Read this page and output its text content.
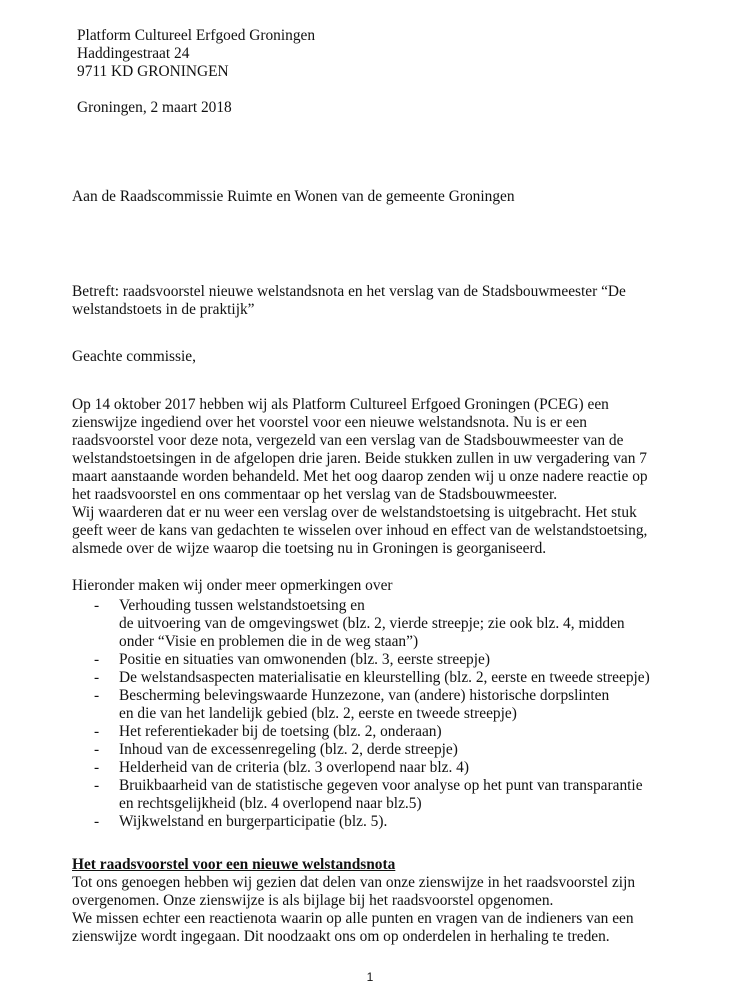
Platform Cultureel Erfgoed Groningen
Haddingestraat 24
9711 KD GRONINGEN
Groningen, 2 maart 2018
Aan de Raadscommissie Ruimte en Wonen van de gemeente Groningen
Betreft: raadsvoorstel nieuwe welstandsnota en het verslag van de Stadsbouwmeester “De
welstandstoets in de praktijk”
Geachte commissie,
Op 14 oktober 2017 hebben wij als Platform Cultureel Erfgoed Groningen (PCEG) een
zienswijze ingediend over het voorstel voor een nieuwe welstandsnota. Nu is er een
raadsvoorstel voor deze nota, vergezeld van een verslag van de Stadsbouwmeester van de
welstandstoetsingen in de afgelopen drie jaren. Beide stukken zullen in uw vergadering van 7
maart aanstaande worden behandeld. Met het oog daarop zenden wij u onze nadere reactie op
het raadsvoorstel en ons commentaar op het verslag van de Stadsbouwmeester.
Wij waarderen dat er nu weer een verslag over de welstandstoetsing is uitgebracht. Het stuk
geeft weer de kans van gedachten te wisselen over inhoud en effect van de welstandstoetsing,
alsmede over de wijze waarop die toetsing nu in Groningen is georganiseerd.
Hieronder maken wij onder meer opmerkingen over
- Verhouding tussen welstandstoetsing en
de uitvoering van de omgevingswet (blz. 2, vierde streepje; zie ook blz. 4, midden
onder “Visie en problemen die in de weg staan”)
- Positie en situaties van omwonenden (blz. 3, eerste streepje)
- De welstandsaspecten materialisatie en kleurstelling (blz. 2, eerste en tweede streepje)
- Bescherming belevingswaarde Hunzezone, van (andere) historische dorpslinten
en die van het landelijk gebied (blz. 2, eerste en tweede streepje)
- Het referentiekader bij de toetsing (blz. 2, onderaan)
- Inhoud van de excessenregeling (blz. 2, derde streepje)
- Helderheid van de criteria (blz. 3 overlopend naar blz. 4)
- Bruikbaarheid van de statistische gegeven voor analyse op het punt van transparantie
en rechtsgelijkheid (blz. 4 overlopend naar blz.5)
- Wijkwelstand en burgerparticipatie (blz. 5).
Het raadsvoorstel voor een nieuwe welstandsnota
Tot ons genoegen hebben wij gezien dat delen van onze zienswijze in het raadsvoorstel zijn
overgenomen. Onze zienswijze is als bijlage bij het raadsvoorstel opgenomen.
We missen echter een reactienota waarin op alle punten en vragen van de indieners van een
zienswijze wordt ingegaan. Dit noodzaakt ons om op onderdelen in herhaling te treden.
1
